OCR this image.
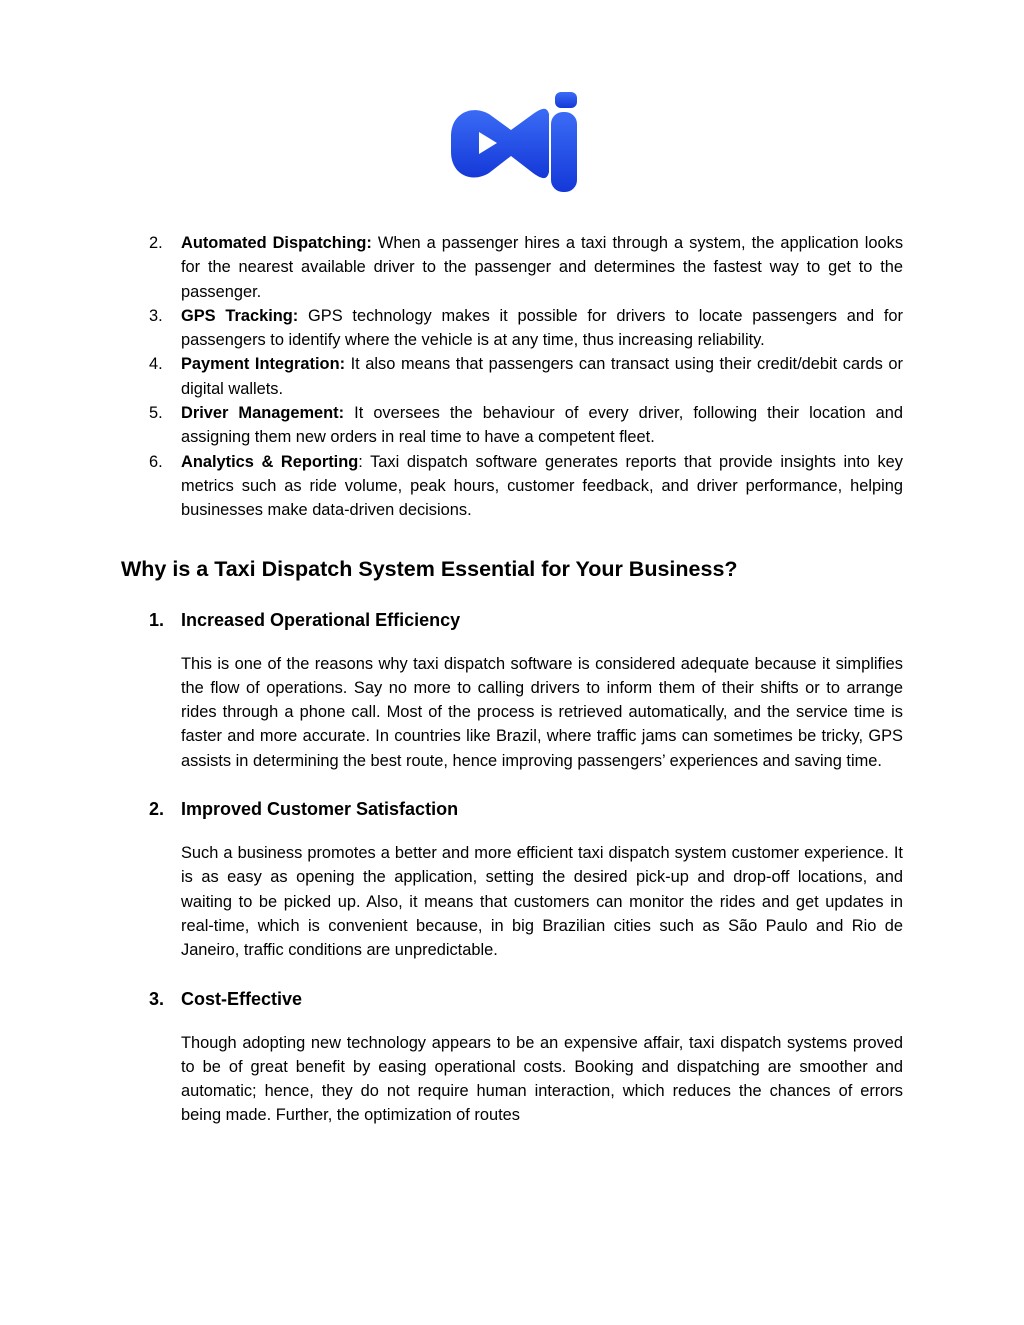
2. Automated Dispatching: When a passenger hires a taxi through a system, the application looks for the nearest available driver to the passenger and determines the fastest way to get to the passenger.
3. GPS Tracking: GPS technology makes it possible for drivers to locate passengers and for passengers to identify where the vehicle is at any time, thus increasing reliability.
4. Payment Integration: It also means that passengers can transact using their credit/debit cards or digital wallets.
5. Driver Management: It oversees the behaviour of every driver, following their location and assigning them new orders in real time to have a competent fleet.
6. Analytics & Reporting: Taxi dispatch software generates reports that provide insights into key metrics such as ride volume, peak hours, customer feedback, and driver performance, helping businesses make data-driven decisions.
Why is a Taxi Dispatch System Essential for Your Business?
1. Increased Operational Efficiency

This is one of the reasons why taxi dispatch software is considered adequate because it simplifies the flow of operations. Say no more to calling drivers to inform them of their shifts or to arrange rides through a phone call. Most of the process is retrieved automatically, and the service time is faster and more accurate. In countries like Brazil, where traffic jams can sometimes be tricky, GPS assists in determining the best route, hence improving passengers’ experiences and saving time.

2. Improved Customer Satisfaction

Such a business promotes a better and more efficient taxi dispatch system customer experience. It is as easy as opening the application, setting the desired pick-up and drop-off locations, and waiting to be picked up. Also, it means that customers can monitor the rides and get updates in real-time, which is convenient because, in big Brazilian cities such as São Paulo and Rio de Janeiro, traffic conditions are unpredictable.

3. Cost-Effective

Though adopting new technology appears to be an expensive affair, taxi dispatch systems proved to be of great benefit by easing operational costs. Booking and dispatching are smoother and automatic; hence, they do not require human interaction, which reduces the chances of errors being made. Further, the optimization of routes
